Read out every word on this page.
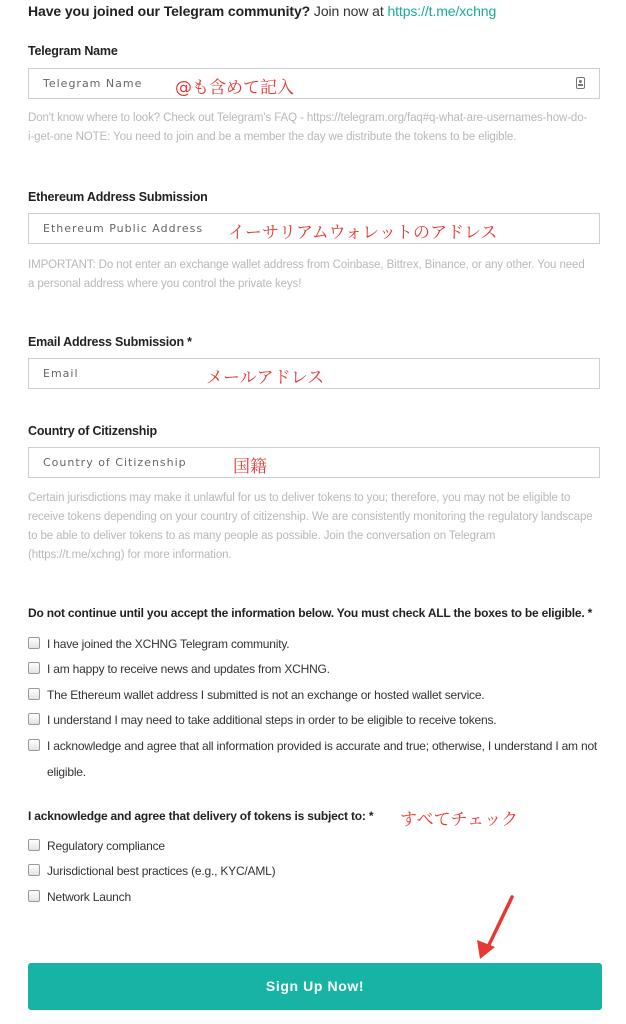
Have you joined our Telegram community? Join now at https://t.me/xchng
Telegram Name
Telegram Name @も含めて記入
Don't know where to look? Check out Telegram's FAQ - https://telegram.org/faq#q-what-are-usernames-how-do-i-get-one NOTE: You need to join and be a member the day we distribute the tokens to be eligible.
Ethereum Address Submission
Ethereum Public Address イーサリアムウォレットのアドレス
IMPORTANT: Do not enter an exchange wallet address from Coinbase, Bittrex, Binance, or any other. You need a personal address where you control the private keys!
Email Address Submission *
Email	メールアドレス
Country of Citizenship
Country of Citizenship	国籍
Certain jurisdictions may make it unlawful for us to deliver tokens to you; therefore, you may not be eligible to receive tokens depending on your country of citizenship. We are consistently monitoring the regulatory landscape to be able to deliver tokens to as many people as possible. Join the conversation on Telegram (https://t.me/xchng) for more information.
Do not continue until you accept the information below. You must check ALL the boxes to be eligible. *
I have joined the XCHNG Telegram community.
I am happy to receive news and updates from XCHNG.
The Ethereum wallet address I submitted is not an exchange or hosted wallet service.
I understand I may need to take additional steps in order to be eligible to receive tokens.
I acknowledge and agree that all information provided is accurate and true; otherwise, I understand I am not eligible.
I acknowledge and agree that delivery of tokens is subject to: * すべてチェック
Regulatory compliance
Jurisdictional best practices (e.g., KYC/AML)
Network Launch
Sign Up Now!
